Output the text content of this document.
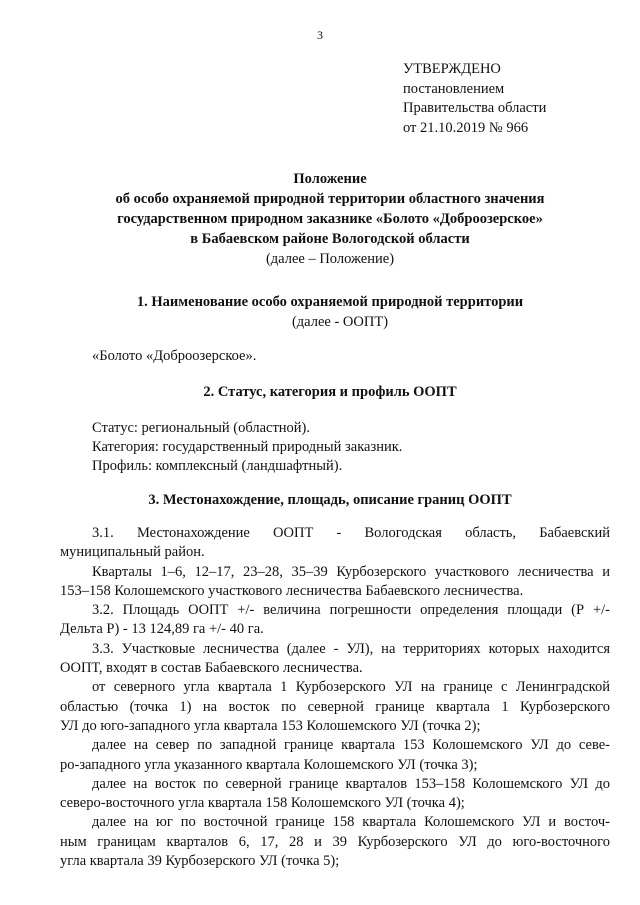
3
УТВЕРЖДЕНО
постановлением
Правительства области
от 21.10.2019 № 966
Положение
об особо охраняемой природной территории областного значения
государственном природном заказнике «Болото «Доброозерское»
в Бабаевском районе Вологодской области
(далее – Положение)
1. Наименование особо охраняемой природной территории
(далее - ООПТ)
«Болото «Доброозерское».
2. Статус, категория и профиль ООПТ
Статус: региональный (областной).
Категория: государственный природный заказник.
Профиль: комплексный (ландшафтный).
3. Местонахождение, площадь, описание границ ООПТ
3.1. Местонахождение ООПТ - Вологодская область, Бабаевский
муниципальный район.
Кварталы 1–6, 12–17, 23–28, 35–39 Курбозерского участкового лесничества и
153–158 Колошемского участкового лесничества Бабаевского лесничества.
3.2. Площадь ООПТ +/- величина погрешности определения площади (Р +/-
Дельта Р) - 13 124,89 га +/- 40 га.
3.3. Участковые лесничества (далее - УЛ), на территориях которых находится
ООПТ, входят в состав Бабаевского лесничества.
от северного угла квартала 1 Курбозерского УЛ на границе с Ленинградской
областью (точка 1) на восток по северной границе квартала 1 Курбозерского
УЛ до юго-западного угла квартала 153 Колошемского УЛ (точка 2);
далее на север по западной границе квартала 153 Колошемского УЛ до севе-
ро-западного угла указанного квартала Колошемского УЛ (точка 3);
далее на восток по северной границе кварталов 153–158 Колошемского УЛ до
северо-восточного угла квартала 158 Колошемского УЛ (точка 4);
далее на юг по восточной границе 158 квартала Колошемского УЛ и восточ-
ным границам кварталов 6, 17, 28 и 39 Курбозерского УЛ до юго-восточного
угла квартала 39 Курбозерского УЛ (точка 5);
